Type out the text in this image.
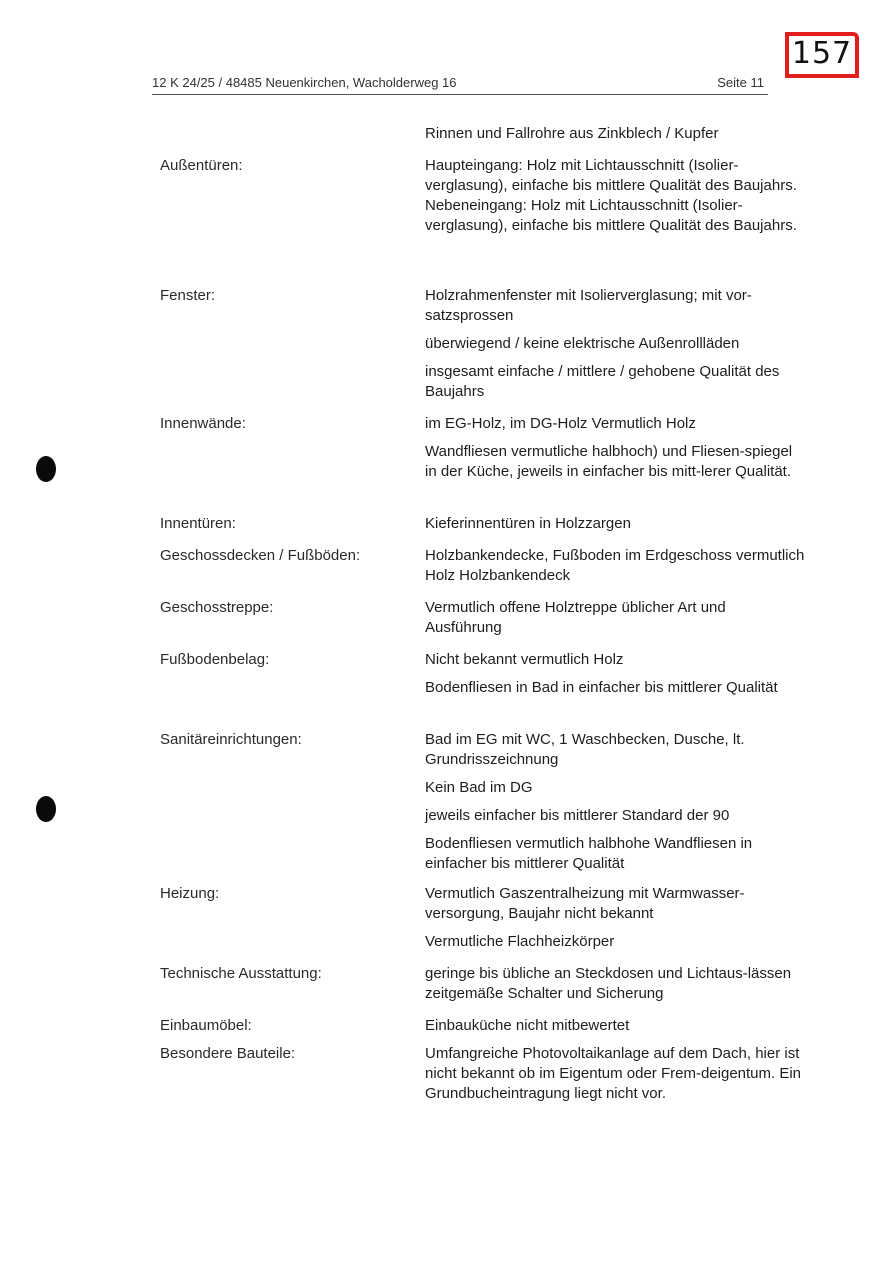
157
12 K 24/25 / 48485 Neuenkirchen, Wacholderweg 16	Seite 11

Rinnen und Fallrohre aus Zinkblech / Kupfer

Außentüren:	Haupteingang: Holz mit Lichtausschnitt (Isolier-verglasung), einfache bis mittlere Qualität des Baujahrs.
Nebeneingang: Holz mit Lichtausschnitt (Isolier-verglasung), einfache bis mittlere Qualität des Baujahrs.

Fenster:	Holzrahmenfenster mit Isolierverglasung; mit vor-satzsprossen

überwiegend / keine elektrische Außenrollläden

insgesamt einfache / mittlere / gehobene Qualität des Baujahrs

Innenwände:	im EG-Holz, im DG-Holz Vermutlich Holz

Wandfliesen vermutliche halbhoch) und Fliesen-spiegel in der Küche, jeweils in einfacher bis mitt-lerer Qualität.

Innentüren:	Kieferinnentüren in Holzzargen

Geschossdecken / Fußböden:	Holzbankendecke, Fußboden im Erdgeschoss vermutlich Holz Holzbankendeck

Geschosstreppe:	Vermutlich offene Holztreppe üblicher Art und Ausführung

Fußbodenbelag:	Nicht bekannt vermutlich Holz

Bodenfliesen in Bad in einfacher bis mittlerer Qualität

Sanitäreinrichtungen:	Bad im EG mit WC, 1 Waschbecken, Dusche, lt. Grundrisszeichnung

Kein Bad im DG

jeweils einfacher bis mittlerer Standard der 90

Bodenfliesen vermutlich halbhohe Wandfliesen in einfacher bis mittlerer Qualität

Heizung:	Vermutlich Gaszentralheizung mit Warmwasser-versorgung, Baujahr nicht bekannt

Vermutliche Flachheizkörper

Technische Ausstattung:	geringe bis übliche an Steckdosen und Lichtaus-lässen zeitgemäße Schalter und Sicherung

Einbaumöbel:	Einbauküche nicht mitbewertet

Besondere Bauteile:	Umfangreiche Photovoltaikanlage auf dem Dach, hier ist nicht bekannt ob im Eigentum oder Frem-deigentum. Ein Grundbucheintragung liegt nicht vor.
